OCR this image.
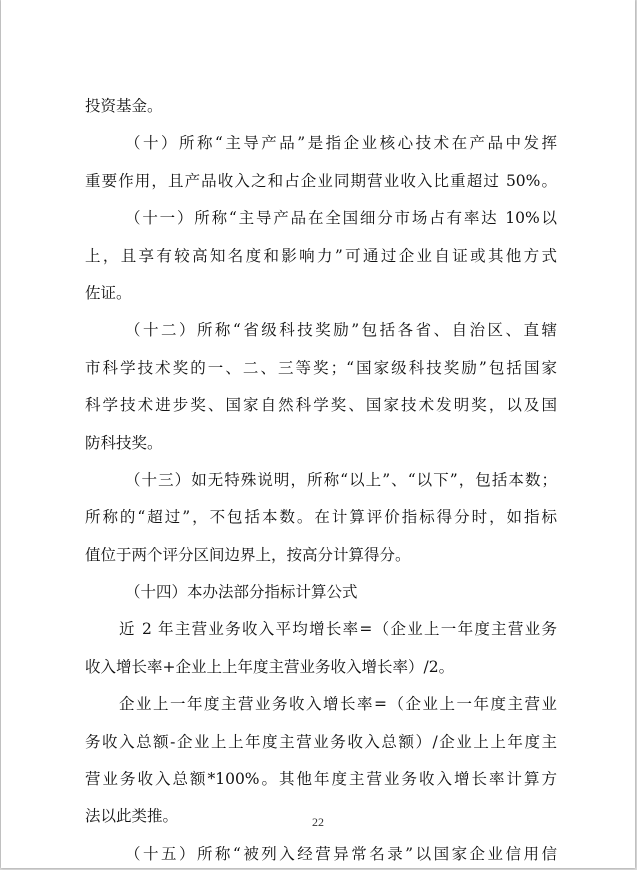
投资基金。
（十）所称“主导产品”是指企业核心技术在产品中发挥
重要作用，且产品收入之和占企业同期营业收入比重超过 50%。
（十一）所称“主导产品在全国细分市场占有率达 10%以
上，且享有较高知名度和影响力”可通过企业自证或其他方式
佐证。
（十二）所称“省级科技奖励”包括各省、自治区、直辖
市科学技术奖的一、二、三等奖；“国家级科技奖励”包括国家
科学技术进步奖、国家自然科学奖、国家技术发明奖，以及国
防科技奖。
（十三）如无特殊说明，所称“以上”、“以下”，包括本数；
所称的“超过”，不包括本数。在计算评价指标得分时，如指标
值位于两个评分区间边界上，按高分计算得分。
（十四）本办法部分指标计算公式
近 2 年主营业务收入平均增长率=（企业上一年度主营业务
收入增长率+企业上上年度主营业务收入增长率）/2。
企业上一年度主营业务收入增长率=（企业上一年度主营业
务收入总额-企业上上年度主营业务收入总额）/企业上上年度主
营业务收入总额*100%。其他年度主营业务收入增长率计算方
法以此类推。
（十五）所称“被列入经营异常名录”以国家企业信用信
22
